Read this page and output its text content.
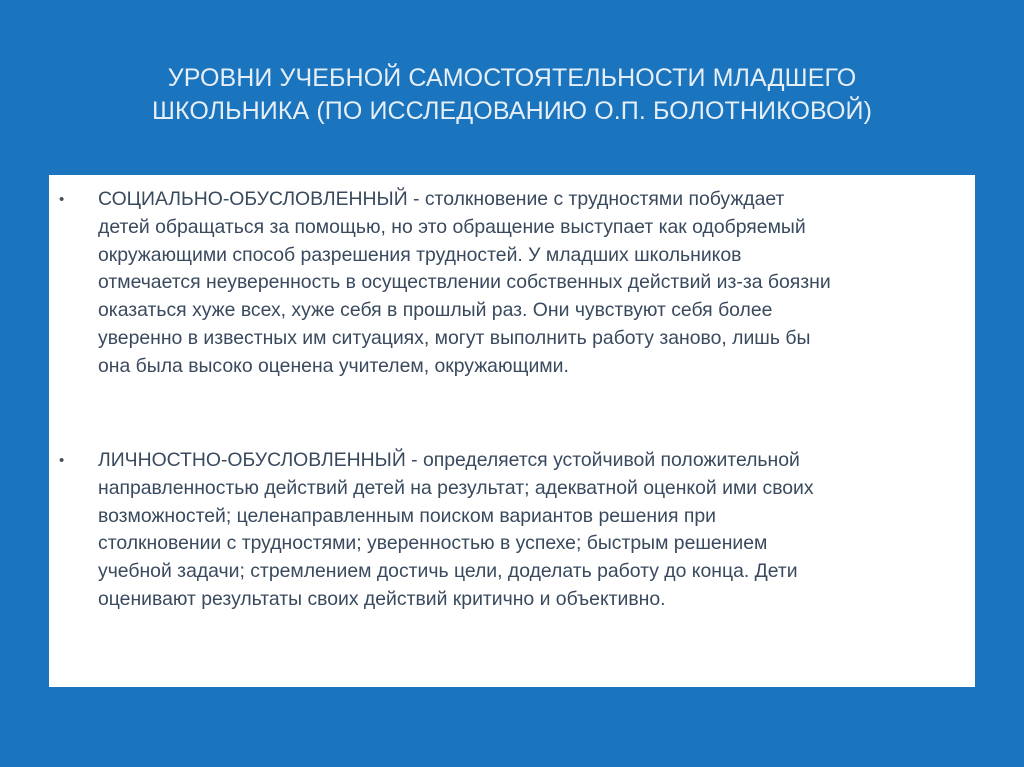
УРОВНИ УЧЕБНОЙ САМОСТОЯТЕЛЬНОСТИ МЛАДШЕГО
ШКОЛЬНИКА (ПО ИССЛЕДОВАНИЮ О.П. БОЛОТНИКОВОЙ)
• СОЦИАЛЬНО-ОБУСЛОВЛЕННЫЙ - столкновение с трудностями побуждает
детей обращаться за помощью, но это обращение выступает как одобряемый
окружающими способ разрешения трудностей. У младших школьников
отмечается неуверенность в осуществлении собственных действий из-за боязни
оказаться хуже всех, хуже себя в прошлый раз. Они чувствуют себя более
уверенно в известных им ситуациях, могут выполнить работу заново, лишь бы
она была высоко оценена учителем, окружающими.

• ЛИЧНОСТНО-ОБУСЛОВЛЕННЫЙ - определяется устойчивой положительной
направленностью действий детей на результат; адекватной оценкой ими своих
возможностей; целенаправленным поиском вариантов решения при
столкновении с трудностями; уверенностью в успехе; быстрым решением
учебной задачи; стремлением достичь цели, доделать работу до конца. Дети
оценивают результаты своих действий критично и объективно.
